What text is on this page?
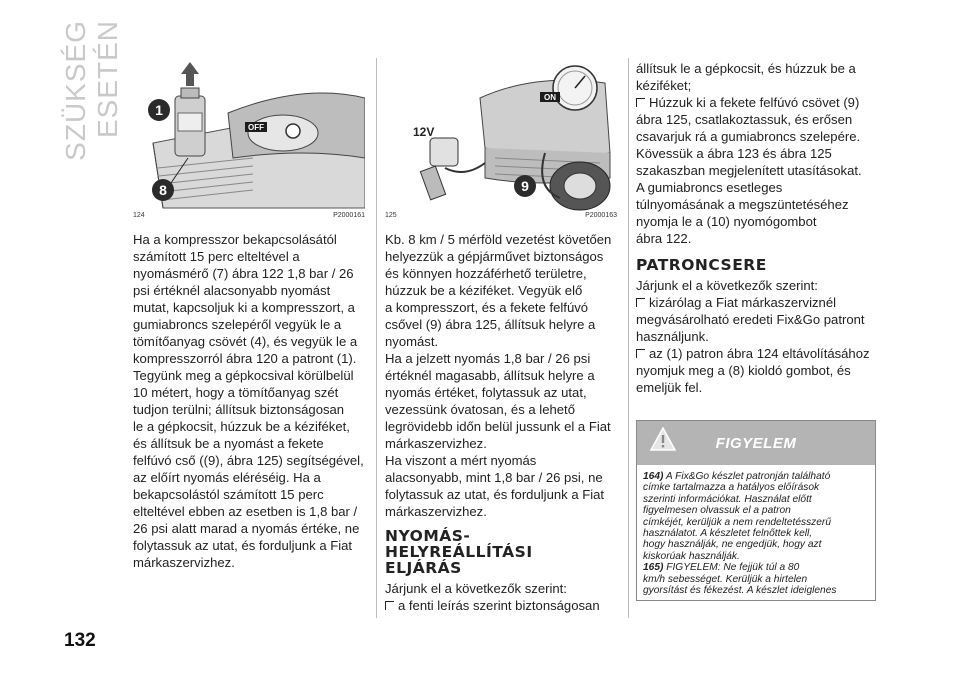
SZÜKSÉG ESETÉN	OFF
1
8
124	P2000161

Ha a kompresszor bekapcsolásától

számított 15 perc elteltével a

nyomásmérő (7) ábra 122 1,8 bar / 26

psi értéknél alacsonyabb nyomást

mutat, kapcsoljuk ki a kompresszort, a

gumiabroncs szelepéről vegyük le a

tömítőanyag csövét (4), és vegyük le a

kompresszorról ábra 120 a patront (1).

Tegyünk meg a gépkocsival körülbelül

10 métert, hogy a tömítőanyag szét

tudjon terülni; állítsuk biztonságosan

le a gépkocsit, húzzuk be a kéziféket,

és állítsuk be a nyomást a fekete

felfúvó cső ((9), ábra 125) segítségével,

az előírt nyomás eléréséig. Ha a

bekapcsolástól számított 15 perc

elteltével ebben az esetben is 1,8 bar /

26 psi alatt marad a nyomás értéke, ne

folytassuk az utat, és forduljunk a Fiat

márkaszervizhez.

ON
12V
9
125	P2000163

Kb. 8 km / 5 mérföld vezetést követően

helyezzük a gépjárművet biztonságos

és könnyen hozzáférhető területre,

húzzuk be a kéziféket. Vegyük elő

a kompresszort, és a fekete felfúvó

csővel (9) ábra 125, állítsuk helyre a

nyomást.

Ha a jelzett nyomás 1,8 bar / 26 psi

értéknél magasabb, állítsuk helyre a

nyomás értéket, folytassuk az utat,

vezessünk óvatosan, és a lehető

legrövidebb időn belül jussunk el a Fiat

márkaszervizhez.

Ha viszont a mért nyomás

alacsonyabb, mint 1,8 bar / 26 psi, ne

folytassuk az utat, és forduljunk a Fiat

márkaszervizhez.

NYOMÁS-
HELYREÁLLÍTÁSI
ELJÁRÁS

Járjunk el a következők szerint:

a fenti leírás szerint biztonságosan

állítsuk le a gépkocsit, és húzzuk be a

kéziféket;

Húzzuk ki a fekete felfúvó csövet (9)

ábra 125, csatlakoztassuk, és erősen

csavarjuk rá a gumiabroncs szelepére.

Kövessük a ábra 123 és ábra 125

szakaszban megjelenített utasításokat.

A gumiabroncs esetleges

túlnyomásának a megszüntetéséhez

nyomja le a (10) nyomógombot

ábra 122.

PATRONCSERE

Járjunk el a következők szerint:

kizárólag a Fiat márkaszerviznél

megvásárolható eredeti Fix&Go patront

használjunk.

az (1) patron ábra 124 eltávolításához

nyomjuk meg a (8) kioldó gombot, és

emeljük fel.

FIGYELEM

164) A Fix&Go készlet patronján található

címke tartalmazza a hatályos előírások

szerinti információkat. Használat előtt

figyelmesen olvassuk el a patron

címkéjét, kerüljük a nem rendeltetésszerű

használatot. A készletet felnőttek kell,

hogy használják, ne engedjük, hogy azt

kiskorúak használják.

165) FIGYELEM: Ne fejjük túl a 80

km/h sebességet. Kerüljük a hirtelen

gyorsítást és fékezést. A készlet ideiglenes

132
